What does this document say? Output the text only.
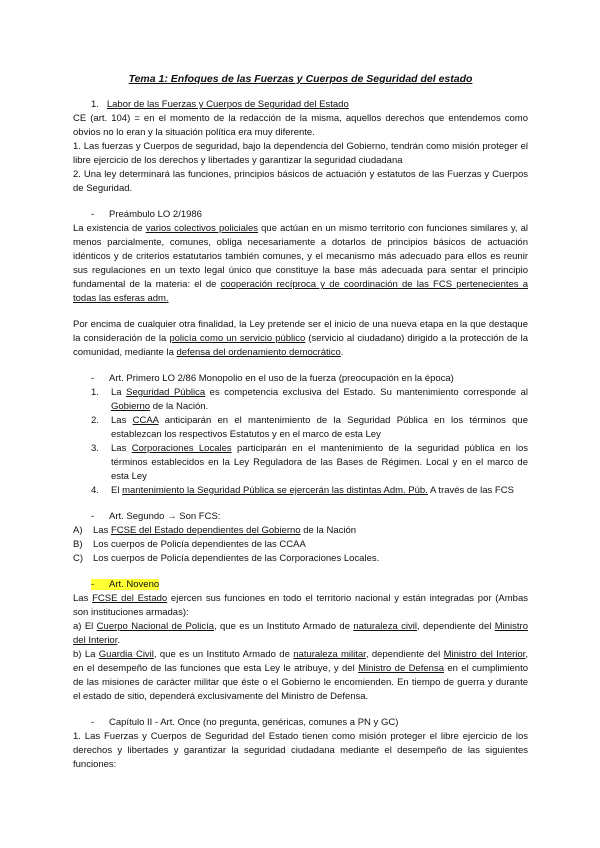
Tema 1: Enfoques de las Fuerzas y Cuerpos de Seguridad del estado

1. Labor de las Fuerzas y Cuerpos de Seguridad del Estado

CE (art. 104) = en el momento de la redacción de la misma, aquellos derechos que entendemos como obvios no lo eran y la situación política era muy diferente.

1. Las fuerzas y Cuerpos de seguridad, bajo la dependencia del Gobierno, tendrán como misión proteger el libre ejercicio de los derechos y libertades y garantizar la seguridad ciudadana

2. Una ley determinará las funciones, principios básicos de actuación y estatutos de las Fuerzas y Cuerpos de Seguridad.

- Preámbulo LO 2/1986

La existencia de varios colectivos policiales que actúan en un mismo territorio con funciones similares y, al menos parcialmente, comunes, obliga necesariamente a dotarlos de principios básicos de actuación idénticos y de criterios estatutarios también comunes, y el mecanismo más adecuado para ellos es reunir sus regulaciones en un texto legal único que constituye la base más adecuada para sentar el principio fundamental de la materia: el de cooperación recíproca y de coordinación de las FCS pertenecientes a todas las esferas adm.

Por encima de cualquier otra finalidad, la Ley pretende ser el inicio de una nueva etapa en la que destaque la consideración de la policía como un servicio público (servicio al ciudadano) dirigido a la protección de la comunidad, mediante la defensa del ordenamiento democrático.

- Art. Primero LO 2/86 Monopolio en el uso de la fuerza (preocupación en la época)

1. La Seguridad Pública es competencia exclusiva del Estado. Su mantenimiento corresponde al Gobierno de la Nación.
2. Las CCAA anticiparán en el mantenimiento de la Seguridad Pública en los términos que establezcan los respectivos Estatutos y en el marco de esta Ley
3. Las Corporaciones Locales participarán en el mantenimiento de la seguridad pública en los términos establecidos en la Ley Reguladora de las Bases de Régimen. Local y en el marco de esta Ley
4. El mantenimiento la Seguridad Pública se ejercerán las distintas Adm. Púb. A través de las FCS

- Art. Segundo → Son FCS:

A) Las FCSE del Estado dependientes del Gobierno de la Nación
B) Los cuerpos de Policía dependientes de las CCAA
C) Los cuerpos de Policía dependientes de las Corporaciones Locales.

- Art. Noveno

Las FCSE del Estado ejercen sus funciones en todo el territorio nacional y están integradas por (Ambas son instituciones armadas):

a) El Cuerpo Nacional de Policía, que es un Instituto Armado de naturaleza civil, dependiente del Ministro del Interior.

b) La Guardia Civil, que es un Instituto Armado de naturaleza militar, dependiente del Ministro del Interior, en el desempeño de las funciones que esta Ley le atribuye, y del Ministro de Defensa en el cumplimiento de las misiones de carácter militar que éste o el Gobierno le encomienden. En tiempo de guerra y durante el estado de sitio, dependerá exclusivamente del Ministro de Defensa.

- Capítulo II - Art. Once (no pregunta, genéricas, comunes a PN y GC)

1. Las Fuerzas y Cuerpos de Seguridad del Estado tienen como misión proteger el libre ejercicio de los derechos y libertades y garantizar la seguridad ciudadana mediante el desempeño de las siguientes funciones:
